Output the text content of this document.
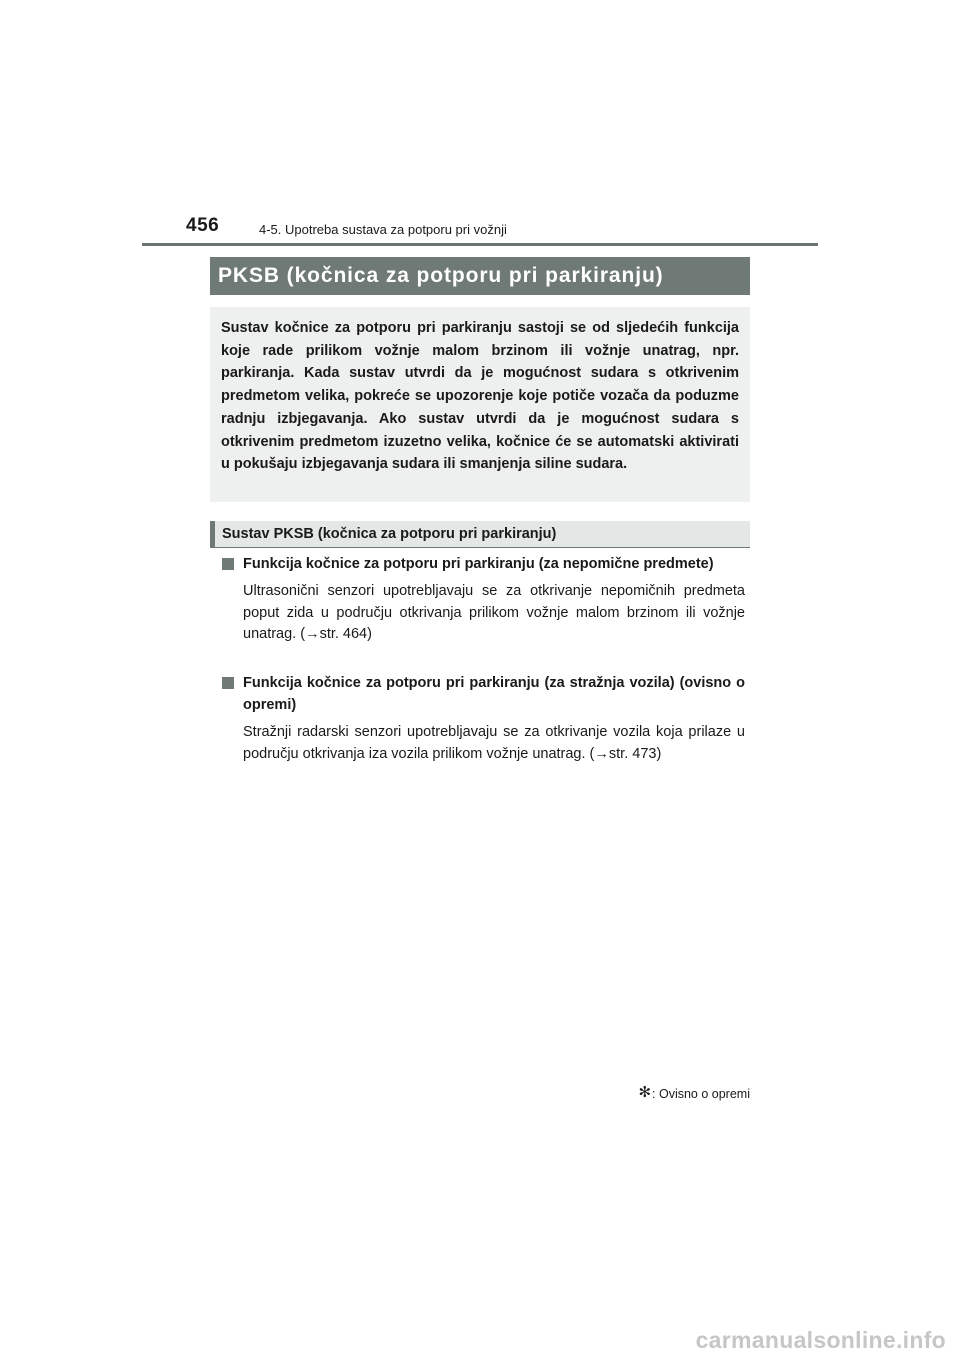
456	4-5. Upotreba sustava za potporu pri vožnji
PKSB (kočnica za potporu pri parkiranju)

Sustav kočnice za potporu pri parkiranju sastoji se od sljedećih funkcija koje rade prilikom vožnje malom brzinom ili vožnje unatrag, npr. parkiranja. Kada sustav utvrdi da je mogućnost sudara s otkrivenim predmetom velika, pokreće se upozorenje koje potiče vozača da poduzme radnju izbjegavanja. Ako sustav utvrdi da je mogućnost sudara s otkrivenim predmetom izuzetno velika, kočnice će se automatski aktivirati u pokušaju izbjegavanja sudara ili smanjenja siline sudara.

Sustav PKSB (kočnica za potporu pri parkiranju)
Funkcija kočnice za potporu pri parkiranju (za nepomične predmete)
Ultrasonični senzori upotrebljavaju se za otkrivanje nepomičnih predmeta poput zida u području otkrivanja prilikom vožnje malom brzinom ili vožnje unatrag. (→str. 464)
Funkcija kočnice za potporu pri parkiranju (za stražnja vozila) (ovisno o opremi)
Stražnji radarski senzori upotrebljavaju se za otkrivanje vozila koja prilaze u području otkrivanja iza vozila prilikom vožnje unatrag. (→str. 473)
✻ : Ovisno o opremi
carmanualsonline.info
